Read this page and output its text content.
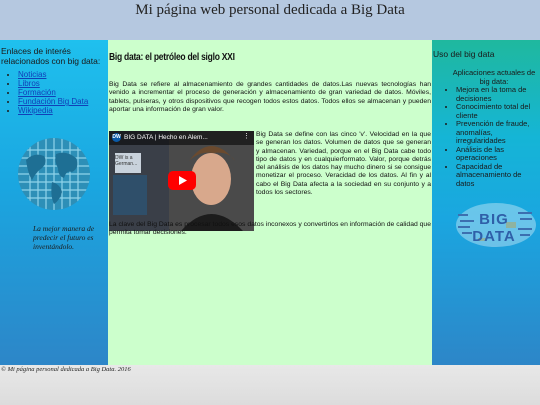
Mi página web personal dedicada a Big Data
Enlaces de interés relacionados con big data:
• Noticias
• Libros
• Formación
• Fundación Big Data
• Wikipedia
La mejor manera de predecir el futuro es inventándolo.
Big data: el petróleo del siglo XXI

Big Data se refiere al almacenamiento de grandes cantidades de datos.Las nuevas tecnologías han venido a incrementar el proceso de generación y almacenamiento de gran variedad de datos. Móviles, tablets, pulseras, y otros dispositivos que recogen todos estos datos. Todos ellos se almacenan y pueden aportar una información de gran valor.

DW BIG DATA | Hecho en Alem...	⋮
DW is a German...

Big Data se define con las cinco 'v'. Velocidad en la que se generan los datos. Volumen de datos que se generan y almacenan. Variedad, porque en el Big Data cabe todo tipo de datos y en cualquierformato. Valor, porque detrás del análisis de los datos hay mucho dinero si se consigue monetizar el proceso. Veracidad de los datos. Al fin y al cabo el Big Data afecta a la sociedad en su conjunto y a todos los sectores.

La clave del Big Data es procesar todos esos datos inconexos y convertirlos en información de calidad que permita tomar decisiones.

Uso del big data
Aplicaciones actuales de big data:
• Mejora en la toma de decisiones
• Conocimiento total del cliente
• Prevención de fraude, anomalías, irregularidades
• Análisis de las operaciones
• Capacidad de almacenamiento de datos
BIG
DATA

© Mi página personal dedicada a Big Data. 2016
